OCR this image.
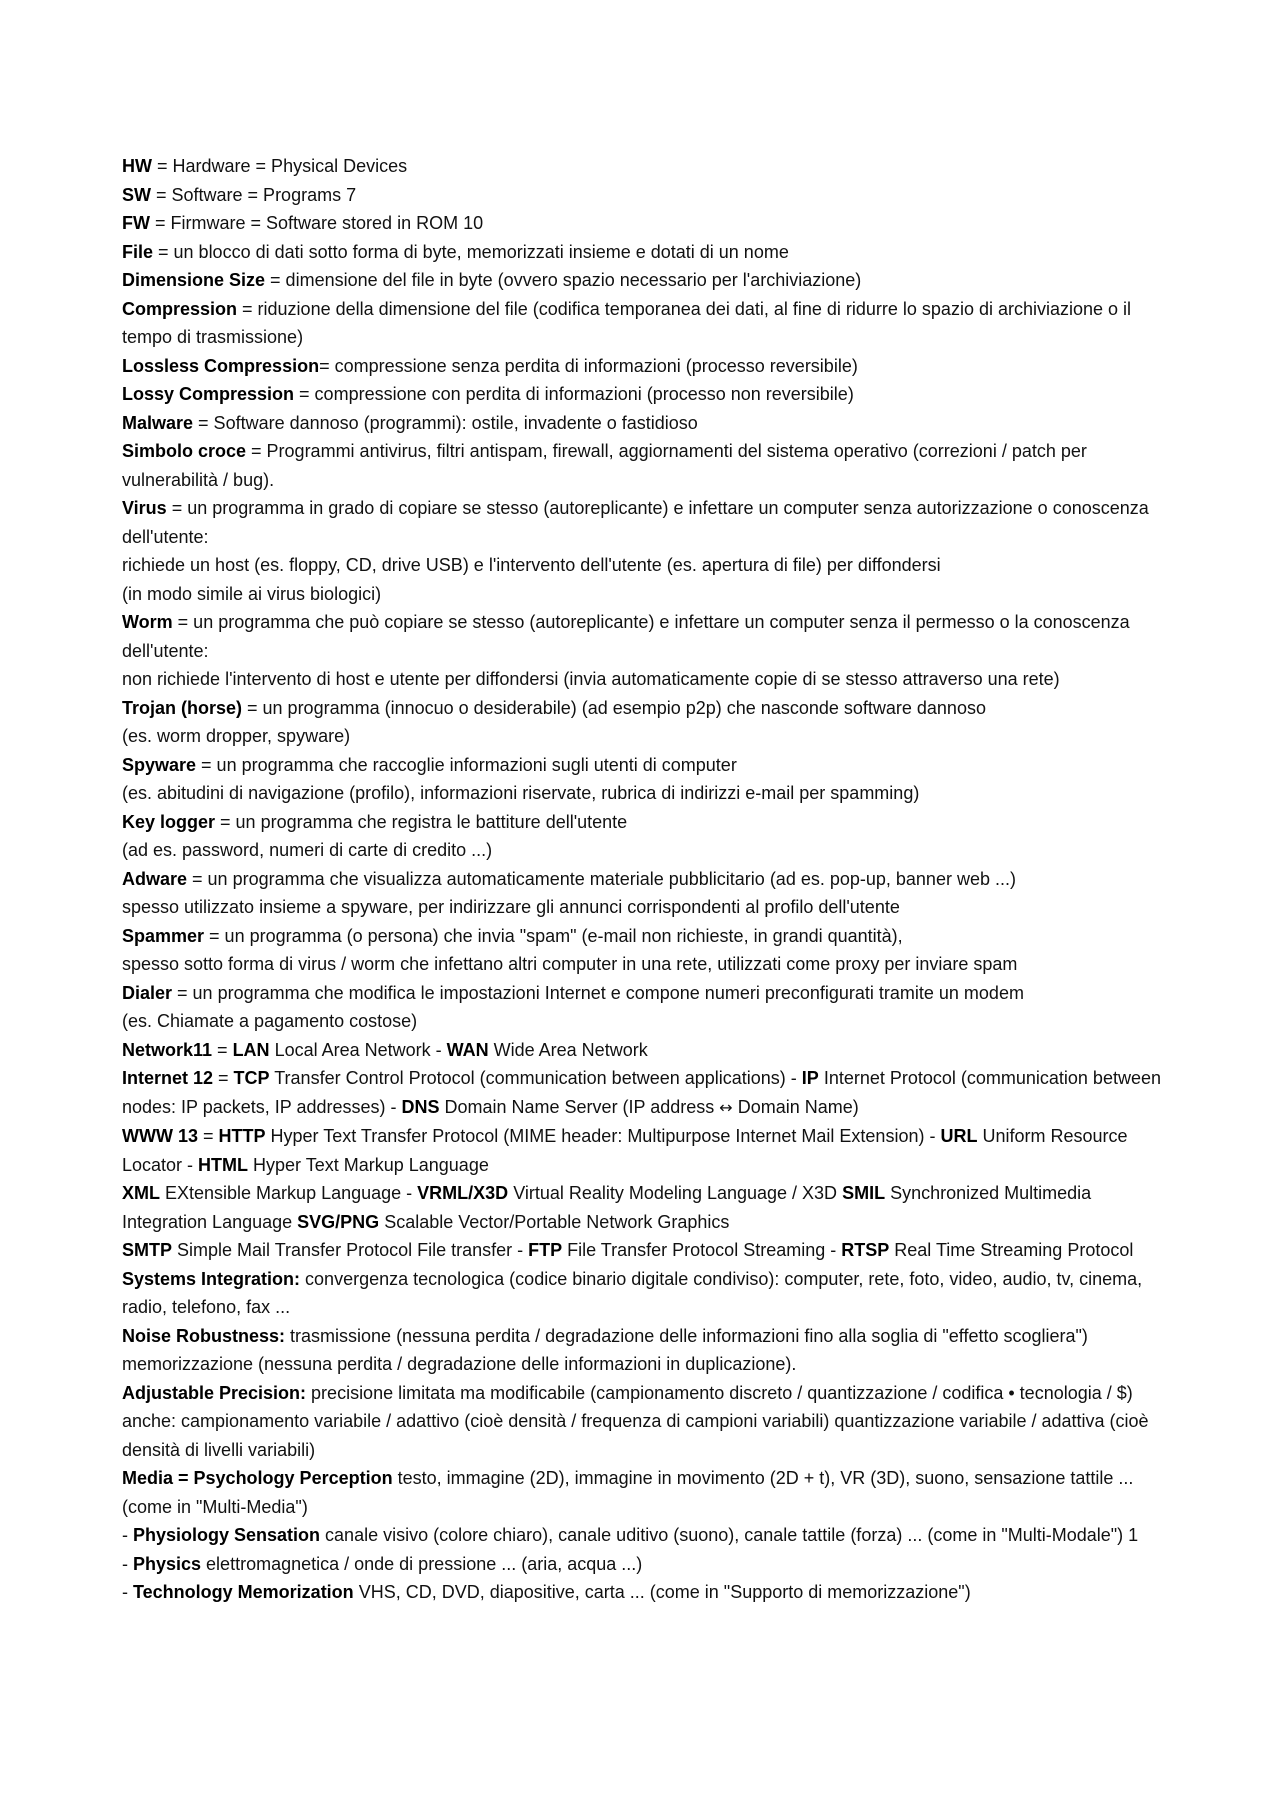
HW = Hardware = Physical Devices

SW = Software = Programs 7

FW = Firmware = Software stored in ROM 10

File = un blocco di dati sotto forma di byte, memorizzati insieme e dotati di un nome

Dimensione Size = dimensione del file in byte (ovvero spazio necessario per l'archiviazione)

Compression = riduzione della dimensione del file (codifica temporanea dei dati, al fine di ridurre lo spazio di archiviazione o il tempo di trasmissione)

Lossless Compression= compressione senza perdita di informazioni (processo reversibile)

Lossy Compression = compressione con perdita di informazioni (processo non reversibile)

Malware = Software dannoso (programmi): ostile, invadente o fastidioso

Simbolo croce = Programmi antivirus, filtri antispam, firewall, aggiornamenti del sistema operativo (correzioni / patch per vulnerabilità / bug).

Virus = un programma in grado di copiare se stesso (autoreplicante) e infettare un computer senza autorizzazione o conoscenza dell'utente:

richiede un host (es. floppy, CD, drive USB) e l'intervento dell'utente (es. apertura di file) per diffondersi

(in modo simile ai virus biologici)

Worm = un programma che può copiare se stesso (autoreplicante) e infettare un computer senza il permesso o la conoscenza dell'utente:

non richiede l'intervento di host e utente per diffondersi (invia automaticamente copie di se stesso attraverso una rete)

Trojan (horse) = un programma (innocuo o desiderabile) (ad esempio p2p) che nasconde software dannoso

(es. worm dropper, spyware)

Spyware = un programma che raccoglie informazioni sugli utenti di computer

(es. abitudini di navigazione (profilo), informazioni riservate, rubrica di indirizzi e-mail per spamming)

Key logger = un programma che registra le battiture dell'utente

(ad es. password, numeri di carte di credito ...)

Adware = un programma che visualizza automaticamente materiale pubblicitario (ad es. pop-up, banner web ...)

spesso utilizzato insieme a spyware, per indirizzare gli annunci corrispondenti al profilo dell'utente

Spammer = un programma (o persona) che invia "spam" (e-mail non richieste, in grandi quantità),

spesso sotto forma di virus / worm che infettano altri computer in una rete, utilizzati come proxy per inviare spam

Dialer = un programma che modifica le impostazioni Internet e compone numeri preconfigurati tramite un modem

(es. Chiamate a pagamento costose)

Network11 = LAN Local Area Network - WAN Wide Area Network

Internet 12 = TCP Transfer Control Protocol (communication between applications) - IP Internet Protocol (communication between nodes: IP packets, IP addresses) - DNS Domain Name Server (IP address ↔ Domain Name)

WWW 13 = HTTP Hyper Text Transfer Protocol (MIME header: Multipurpose Internet Mail Extension) - URL Uniform Resource Locator - HTML Hyper Text Markup Language

XML EXtensible Markup Language - VRML/X3D Virtual Reality Modeling Language / X3D SMIL Synchronized Multimedia Integration Language SVG/PNG Scalable Vector/Portable Network Graphics

SMTP Simple Mail Transfer Protocol File transfer - FTP File Transfer Protocol Streaming - RTSP Real Time Streaming Protocol

Systems Integration: convergenza tecnologica (codice binario digitale condiviso): computer, rete, foto, video, audio, tv, cinema, radio, telefono, fax ...

Noise Robustness: trasmissione (nessuna perdita / degradazione delle informazioni fino alla soglia di "effetto scogliera") memorizzazione (nessuna perdita / degradazione delle informazioni in duplicazione).

Adjustable Precision: precisione limitata ma modificabile (campionamento discreto / quantizzazione / codifica • tecnologia / $) anche: campionamento variabile / adattivo (cioè densità / frequenza di campioni variabili) quantizzazione variabile / adattiva (cioè densità di livelli variabili)

Media = Psychology Perception testo, immagine (2D), immagine in movimento (2D + t), VR (3D), suono, sensazione tattile ... (come in "Multi-Media")

- Physiology Sensation canale visivo (colore chiaro), canale uditivo (suono), canale tattile (forza) ... (come in "Multi-Modale") 1

- Physics elettromagnetica / onde di pressione ... (aria, acqua ...)

- Technology Memorization VHS, CD, DVD, diapositive, carta ... (come in "Supporto di memorizzazione")
